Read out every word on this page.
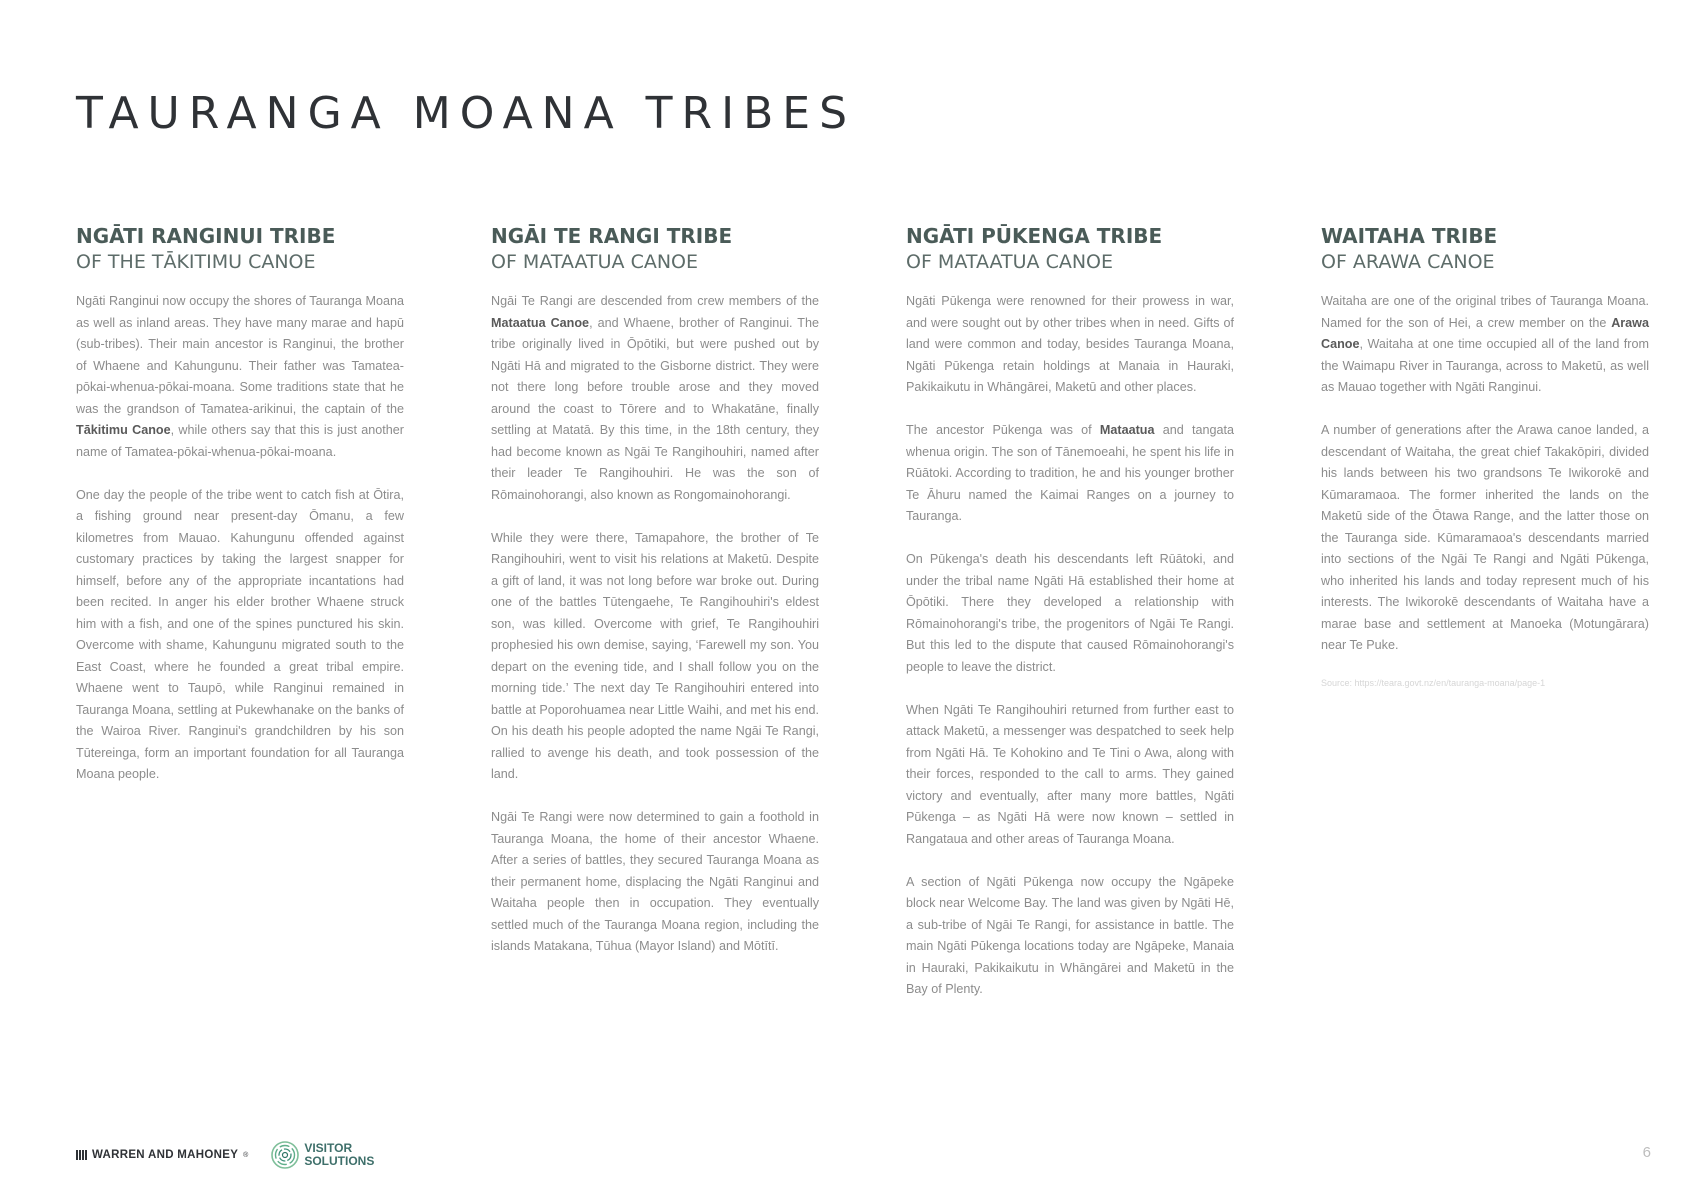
TAURANGA MOANA TRIBES
NGĀTI RANGINUI TRIBE
OF THE TĀKITIMU CANOE

Ngāti Ranginui now occupy the shores of Tauranga Moana as well as inland areas. They have many marae and hapū (sub-tribes). Their main ancestor is Ranginui, the brother of Whaene and Kahungunu. Their father was Tamatea-pōkai-whenua-pōkai-moana. Some traditions state that he was the grandson of Tamatea-arikinui, the captain of the Tākitimu Canoe, while others say that this is just another name of Tamatea-pōkai-whenua-pōkai-moana.

One day the people of the tribe went to catch fish at Ōtira, a fishing ground near present-day Ōmanu, a few kilometres from Mauao. Kahungunu offended against customary practices by taking the largest snapper for himself, before any of the appropriate incantations had been recited. In anger his elder brother Whaene struck him with a fish, and one of the spines punctured his skin. Overcome with shame, Kahungunu migrated south to the East Coast, where he founded a great tribal empire. Whaene went to Taupō, while Ranginui remained in Tauranga Moana, settling at Pukewhanake on the banks of the Wairoa River. Ranginui's grandchildren by his son Tūtereinga, form an important foundation for all Tauranga Moana people.

NGĀI TE RANGI TRIBE
OF MATAATUA CANOE

Ngāi Te Rangi are descended from crew members of the Mataatua Canoe, and Whaene, brother of Ranginui. The tribe originally lived in Ōpōtiki, but were pushed out by Ngāti Hā and migrated to the Gisborne district. They were not there long before trouble arose and they moved around the coast to Tōrere and to Whakatāne, finally settling at Matatā. By this time, in the 18th century, they had become known as Ngāi Te Rangihouhiri, named after their leader Te Rangihouhiri. He was the son of Rōmainohorangi, also known as Rongomainohorangi.

While they were there, Tamapahore, the brother of Te Rangihouhiri, went to visit his relations at Maketū. Despite a gift of land, it was not long before war broke out. During one of the battles Tūtengaehe, Te Rangihouhiri's eldest son, was killed. Overcome with grief, Te Rangihouhiri prophesied his own demise, saying, ‘Farewell my son. You depart on the evening tide, and I shall follow you on the morning tide.’ The next day Te Rangihouhiri entered into battle at Poporohuamea near Little Waihi, and met his end. On his death his people adopted the name Ngāi Te Rangi, rallied to avenge his death, and took possession of the land.

Ngāi Te Rangi were now determined to gain a foothold in Tauranga Moana, the home of their ancestor Whaene. After a series of battles, they secured Tauranga Moana as their permanent home, displacing the Ngāti Ranginui and Waitaha people then in occupation. They eventually settled much of the Tauranga Moana region, including the islands Matakana, Tūhua (Mayor Island) and Mōtītī.

NGĀTI PŪKENGA TRIBE
OF MATAATUA CANOE

Ngāti Pūkenga were renowned for their prowess in war, and were sought out by other tribes when in need. Gifts of land were common and today, besides Tauranga Moana, Ngāti Pūkenga retain holdings at Manaia in Hauraki, Pakikaikutu in Whāngārei, Maketū and other places.

The ancestor Pūkenga was of Mataatua and tangata whenua origin. The son of Tānemoeahi, he spent his life in Rūātoki. According to tradition, he and his younger brother Te Āhuru named the Kaimai Ranges on a journey to Tauranga.

On Pūkenga's death his descendants left Rūātoki, and under the tribal name Ngāti Hā established their home at Ōpōtiki. There they developed a relationship with Rōmainohorangi's tribe, the progenitors of Ngāi Te Rangi. But this led to the dispute that caused Rōmainohorangi's people to leave the district.

When Ngāti Te Rangihouhiri returned from further east to attack Maketū, a messenger was despatched to seek help from Ngāti Hā. Te Kohokino and Te Tini o Awa, along with their forces, responded to the call to arms. They gained victory and eventually, after many more battles, Ngāti Pūkenga – as Ngāti Hā were now known – settled in Rangataua and other areas of Tauranga Moana.

A section of Ngāti Pūkenga now occupy the Ngāpeke block near Welcome Bay. The land was given by Ngāti Hē, a sub-tribe of Ngāi Te Rangi, for assistance in battle. The main Ngāti Pūkenga locations today are Ngāpeke, Manaia in Hauraki, Pakikaikutu in Whāngārei and Maketū in the Bay of Plenty.

WAITAHA TRIBE
OF ARAWA CANOE

Waitaha are one of the original tribes of Tauranga Moana. Named for the son of Hei, a crew member on the Arawa Canoe, Waitaha at one time occupied all of the land from the Waimapu River in Tauranga, across to Maketū, as well as Mauao together with Ngāti Ranginui.

A number of generations after the Arawa canoe landed, a descendant of Waitaha, the great chief Takakōpiri, divided his lands between his two grandsons Te Iwikorokē and Kūmaramaoa. The former inherited the lands on the Maketū side of the Ōtawa Range, and the latter those on the Tauranga side. Kūmaramaoa's descendants married into sections of the Ngāi Te Rangi and Ngāti Pūkenga, who inherited his lands and today represent much of his interests. The Iwikorokē descendants of Waitaha have a marae base and settlement at Manoeka (Motungārara) near Te Puke.

Source: https://teara.govt.nz/en/tauranga-moana/page-1
WARREN AND MAHONEY ®	VISITOR
SOLUTIONS	6
